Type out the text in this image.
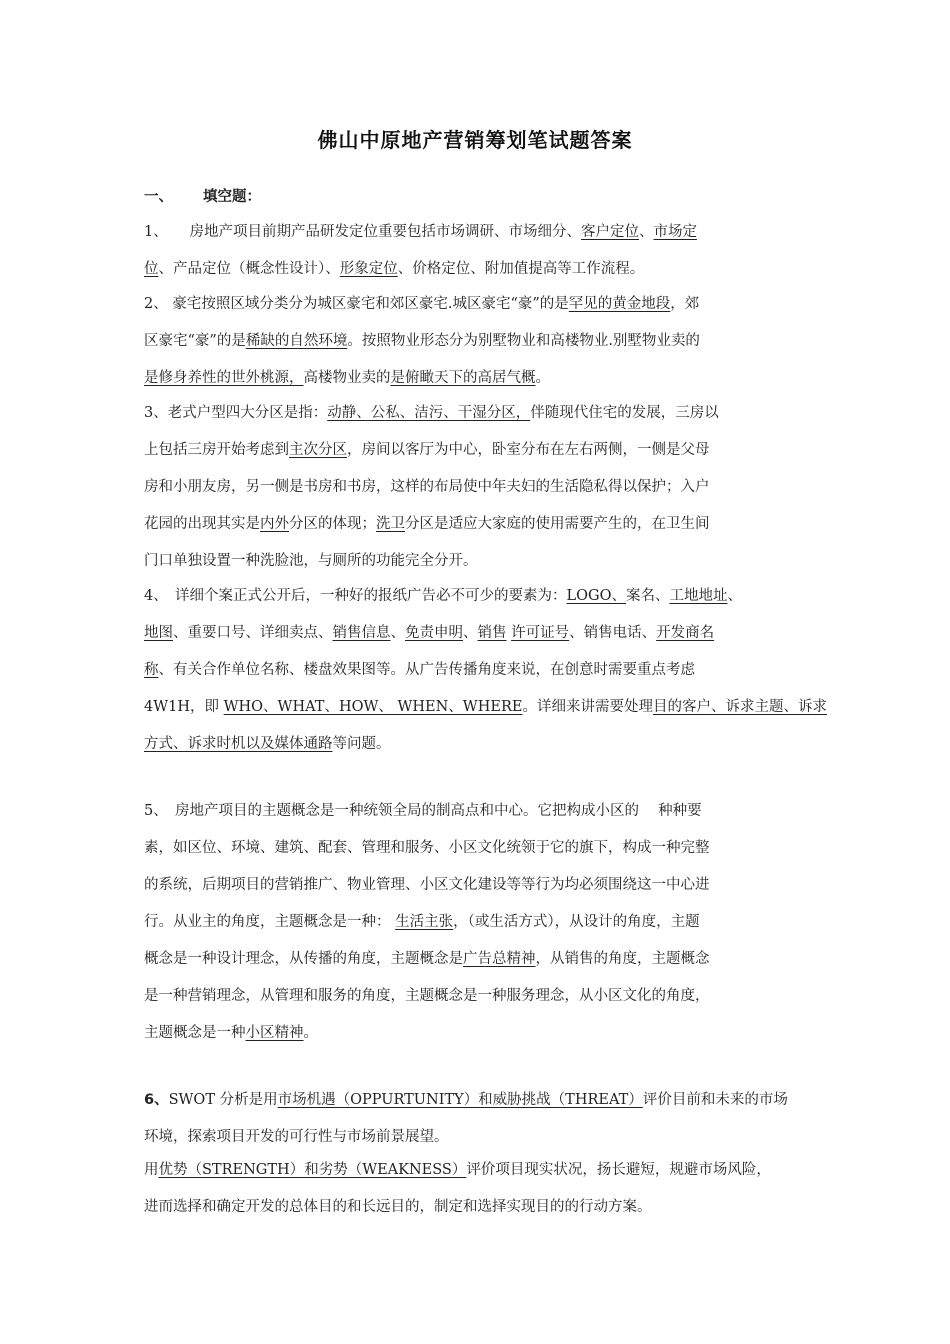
佛山中原地产营销筹划笔试题答案
一、 填空题：
1、　　房地产项目前期产品研发定位重要包括市场调研、市场细分、客户定位、市场定
位、产品定位（概念性设计）、形象定位、价格定位、附加值提高等工作流程。
2、 豪宅按照区域分类分为城区豪宅和郊区豪宅.城区豪宅“豪”的是罕见的黄金地段，郊
区豪宅“豪”的是稀缺的自然环境。按照物业形态分为别墅物业和高楼物业.别墅物业卖的
是修身养性的世外桃源，高楼物业卖的是俯瞰天下的高居气概。
3、老式户型四大分区是指：动静、公私、洁污、干湿分区，伴随现代住宅的发展，三房以
上包括三房开始考虑到主次分区，房间以客厅为中心，卧室分布在左右两侧，一侧是父母
房和小朋友房，另一侧是书房和书房，这样的布局使中年夫妇的生活隐私得以保护；入户
花园的出现其实是内外分区的体现；洗卫分区是适应大家庭的使用需要产生的，在卫生间
门口单独设置一种洗脸池，与厕所的功能完全分开。
4、　详细个案正式公开后，一种好的报纸广告必不可少的要素为：LOGO、案名、工地地址、
地图、重要口号、详细卖点、销售信息、免责申明、销售 许可证号、销售电话、开发商名
称、有关合作单位名称、楼盘效果图等。从广告传播角度来说，在创意时需要重点考虑
4W1H，即 WHO、WHAT、HOW、 WHEN、WHERE。详细来讲需要处理目的客户、诉求主题、诉求
方式、诉求时机以及媒体通路等问题。
5、　房地产项目的主题概念是一种统领全局的制高点和中心。它把构成小区的　 种种要
素，如区位、环境、建筑、配套、管理和服务、小区文化统领于它的旗下，构成一种完整
的系统，后期项目的营销推广、物业管理、小区文化建设等等行为均必须围绕这一中心进
行。从业主的角度，主题概念是一种： 生活主张，（或生活方式），从设计的角度，主题
概念是一种设计理念，从传播的角度，主题概念是广告总精神，从销售的角度，主题概念
是一种营销理念，从管理和服务的角度，主题概念是一种服务理念，从小区文化的角度，
主题概念是一种小区精神。
6、SWOT 分析是用市场机遇（OPPURTUNITY）和威胁挑战（THREAT）评价目前和未来的市场
环境，探索项目开发的可行性与市场前景展望。
用优势（STRENGTH）和劣势（WEAKNESS）评价项目现实状况，扬长避短，规避市场风险，
进而选择和确定开发的总体目的和长远目的，制定和选择实现目的的行动方案。
